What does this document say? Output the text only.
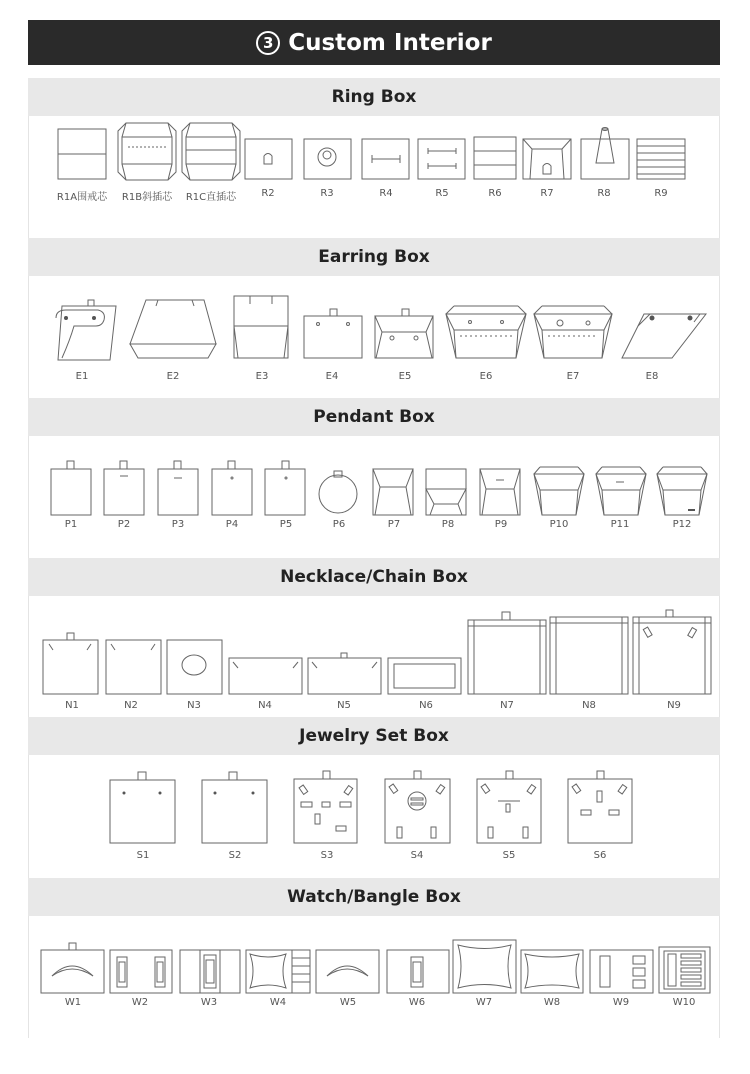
3 Custom Interior
Ring Box
Earring Box
Pendant Box
Necklace/Chain Box
Jewelry Set Box
Watch/Bangle Box
R1A围戒芯	R1B斜插芯	R1C直插芯	R2	R3	R4	R5	R6	R7	R8	R9
E1	E2	E3	E4	E5	E6	E7	E8
P1	P2	P3	P4	P5	P6	P7	P8	P9	P10	P11	P12
N1	N2	N3	N4	N5	N6	N7	N8	N9
S1	S2	S3	S4	S5	S6
W1	W2	W3	W4	W5	W6	W7	W8	W9	W10
